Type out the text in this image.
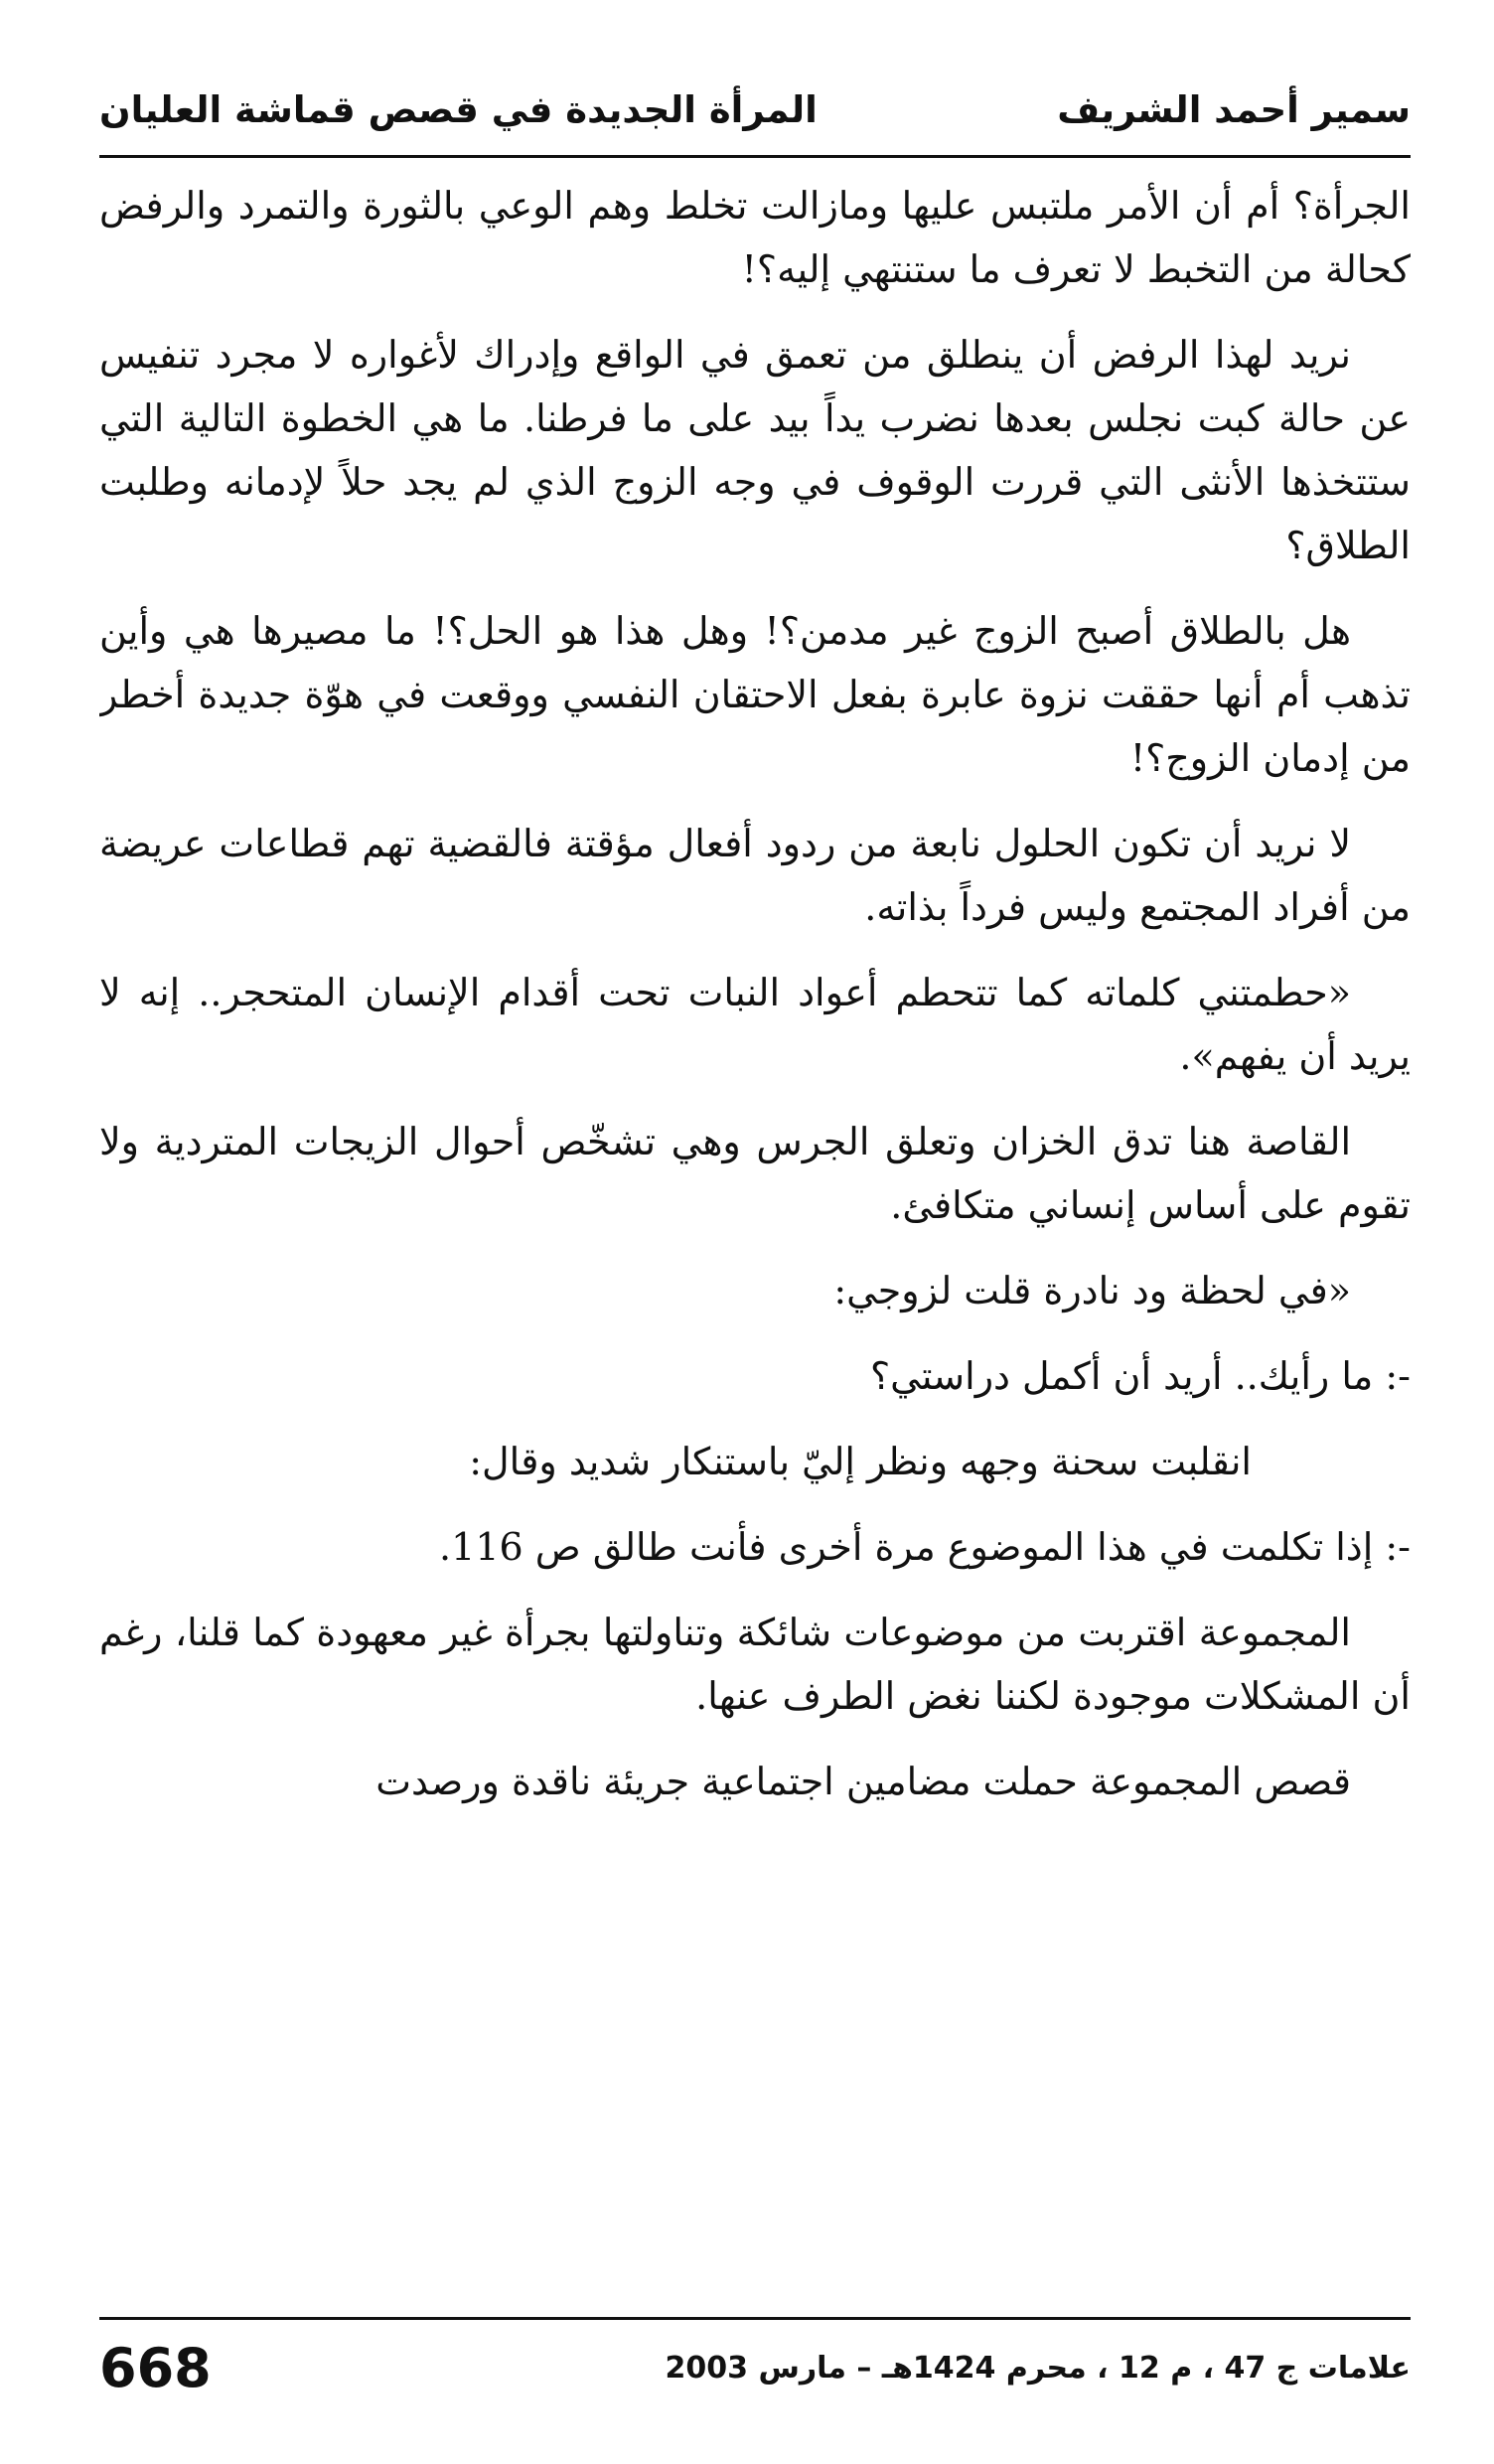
المرأة الجديدة في قصص قماشة العليان	سمير أحمد الشريف

الجرأة؟ أم أن الأمر ملتبس عليها ومازالت تخلط وهم الوعي بالثورة والتمرد والرفض كحالة من التخبط لا تعرف ما ستنتهي إليه؟!

نريد لهذا الرفض أن ينطلق من تعمق في الواقع وإدراك لأغواره لا مجرد تنفيس عن حالة كبت نجلس بعدها نضرب يداً بيد على ما فرطنا. ما هي الخطوة التالية التي ستتخذها الأنثى التي قررت الوقوف في وجه الزوج الذي لم يجد حلاً لإدمانه وطلبت الطلاق؟

هل بالطلاق أصبح الزوج غير مدمن؟! وهل هذا هو الحل؟! ما مصيرها هي وأين تذهب أم أنها حققت نزوة عابرة بفعل الاحتقان النفسي ووقعت في هوّة جديدة أخطر من إدمان الزوج؟!

لا نريد أن تكون الحلول نابعة من ردود أفعال مؤقتة فالقضية تهم قطاعات عريضة من أفراد المجتمع وليس فرداً بذاته.

«حطمتني كلماته كما تتحطم أعواد النبات تحت أقدام الإنسان المتحجر.. إنه لا يريد أن يفهم».

القاصة هنا تدق الخزان وتعلق الجرس وهي تشخّص أحوال الزيجات المتردية ولا تقوم على أساس إنساني متكافئ.

«في لحظة ود نادرة قلت لزوجي:

-: ما رأيك.. أريد أن أكمل دراستي؟

انقلبت سحنة وجهه ونظر إليّ باستنكار شديد وقال:

-: إذا تكلمت في هذا الموضوع مرة أخرى فأنت طالق ص 116.

المجموعة اقتربت من موضوعات شائكة وتناولتها بجرأة غير معهودة كما قلنا، رغم أن المشكلات موجودة لكننا نغض الطرف عنها.

قصص المجموعة حملت مضامين اجتماعية جريئة ناقدة ورصدت

668	علامات ج 47 ، م 12 ، محرم 1424هـ – مارس 2003
